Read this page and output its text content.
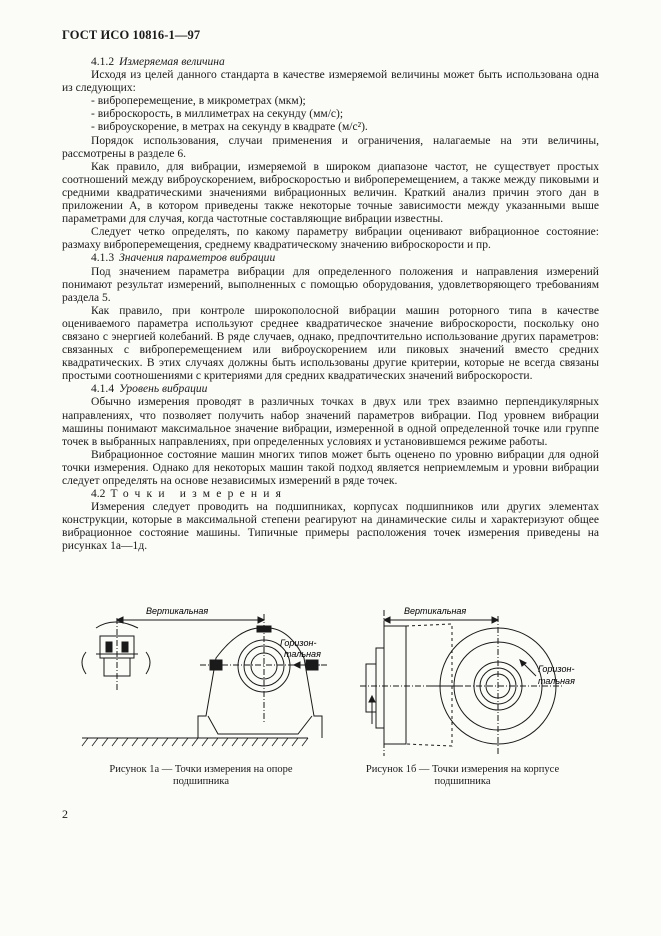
ГОСТ ИСО 10816-1—97

4.1.2 Измеряемая величина

Исходя из целей данного стандарта в качестве измеряемой величины может быть использована одна из следующих:

- виброперемещение, в микрометрах (мкм);

- виброскорость, в миллиметрах на секунду (мм/с);

- виброускорение, в метрах на секунду в квадрате (м/с²).

Порядок использования, случаи применения и ограничения, налагаемые на эти величины, рассмотрены в разделе 6.

Как правило, для вибрации, измеряемой в широком диапазоне частот, не существует простых соотношений между виброускорением, виброскоростью и виброперемещением, а также между пиковыми и средними квадратическими значениями вибрационных величин. Краткий анализ причин этого дан в приложении А, в котором приведены также некоторые точные зависимости между указанными выше параметрами для случая, когда частотные составляющие вибрации известны.

Следует четко определять, по какому параметру вибрации оценивают вибрационное состояние: размаху виброперемещения, среднему квадратическому значению виброскорости и пр.

4.1.3 Значения параметров вибрации

Под значением параметра вибрации для определенного положения и направления измерений понимают результат измерений, выполненных с помощью оборудования, удовлетворяющего требованиям раздела 5.

Как правило, при контроле широкополосной вибрации машин роторного типа в качестве оцениваемого параметра используют среднее квадратическое значение виброскорости, поскольку оно связано с энергией колебаний. В ряде случаев, однако, предпочтительно использование других параметров: связанных с виброперемещением или виброускорением или пиковых значений вместо средних квадратических. В этих случаях должны быть использованы другие критерии, которые не всегда связаны простыми соотношениями с критериями для средних квадратических значений виброскорости.

4.1.4 Уровень вибрации

Обычно измерения проводят в различных точках в двух или трех взаимно перпендикулярных направлениях, что позволяет получить набор значений параметров вибрации. Под уровнем вибрации машины понимают максимальное значение вибрации, измеренной в одной определенной точке или группе точек в выбранных направлениях, при определенных условиях и установившемся режиме работы.

Вибрационное состояние машин многих типов может быть оценено по уровню вибрации для одной точки измерения. Однако для некоторых машин такой подход является неприемлемым и уровни вибрации следует определять на основе независимых измерений в ряде точек.

4.2 Точки измерения

Измерения следует проводить на подшипниках, корпусах подшипников или других элементах конструкции, которые в максимальной степени реагируют на динамические силы и характеризуют общее вибрационное состояние машины. Типичные примеры расположения точек измерения приведены на рисунках 1а—1д.

Вертикальная
Горизон-
тальная
Рисунок 1а — Точки измерения на опоре
подшипника
Вертикальная
Горизон-
тальная
Рисунок 1б — Точки измерения на корпусе
подшипника
2
